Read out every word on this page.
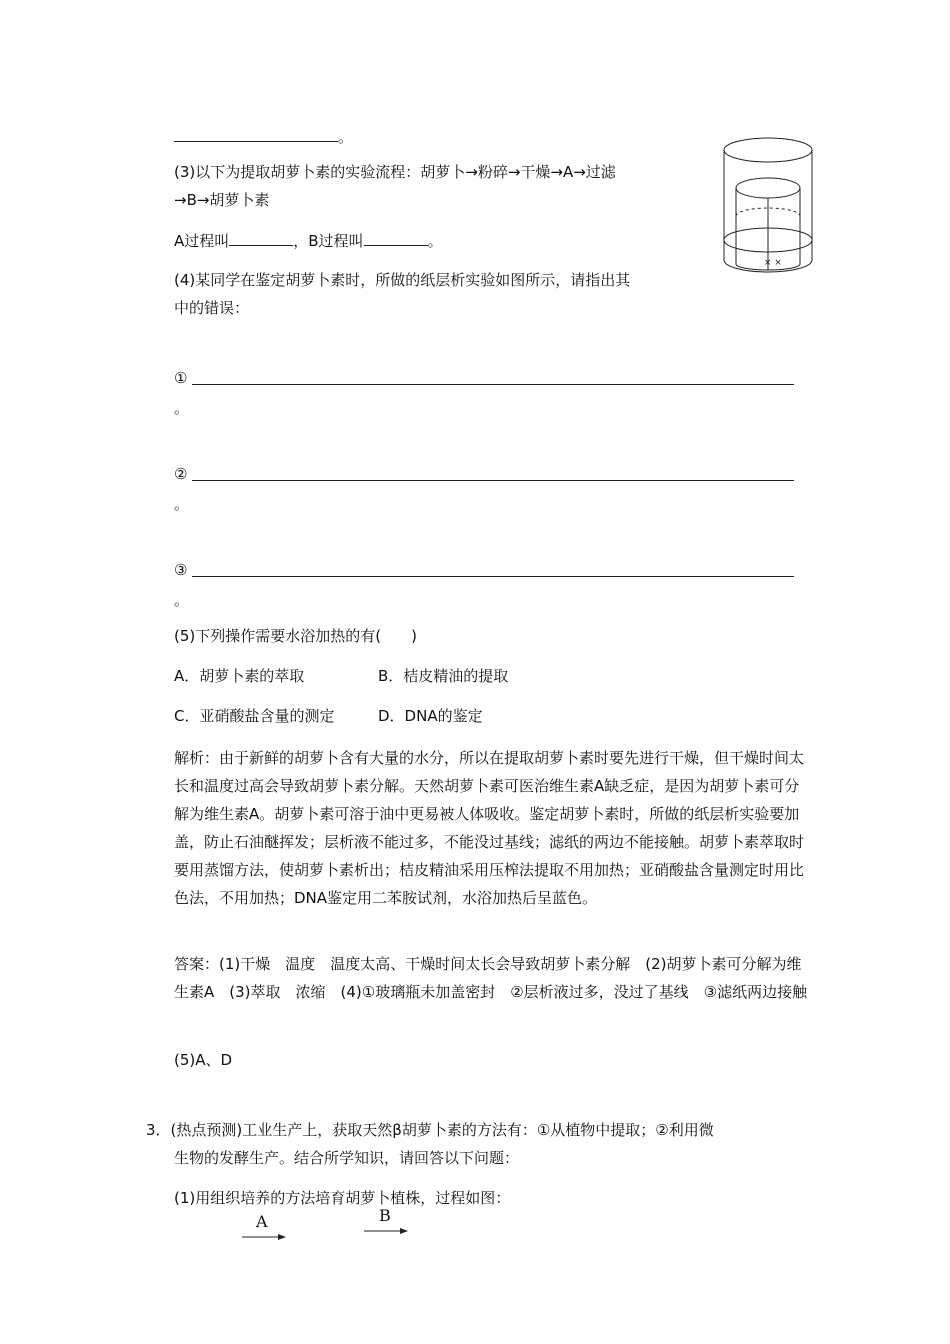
。
(3)以下为提取胡萝卜素的实验流程：胡萝卜→粉碎→干燥→A→过滤
→B→胡萝卜素
A过程叫	，B过程叫	。
(4)某同学在鉴定胡萝卜素时，所做的纸层析实验如图所示，请指出其
中的错误：
× ×
①
。
②
。
③
。
(5)下列操作需要水浴加热的有(　　)
A．胡萝卜素的萃取	B．桔皮精油的提取
C．亚硝酸盐含量的测定	D．DNA的鉴定
解析：由于新鲜的胡萝卜含有大量的水分，所以在提取胡萝卜素时要先进行干燥，但干燥时间太长和温度过高会导致胡萝卜素分解。天然胡萝卜素可医治维生素A缺乏症，是因为胡萝卜素可分解为维生素A。胡萝卜素可溶于油中更易被人体吸收。鉴定胡萝卜素时，所做的纸层析实验要加盖，防止石油醚挥发；层析液不能过多，不能没过基线；滤纸的两边不能接触。胡萝卜素萃取时要用蒸馏方法，使胡萝卜素析出；桔皮精油采用压榨法提取不用加热；亚硝酸盐含量测定时用比色法，不用加热；DNA鉴定用二苯胺试剂，水浴加热后呈蓝色。
答案：(1)干燥　温度　温度太高、干燥时间太长会导致胡萝卜素分解　(2)胡萝卜素可分解为维生素A　(3)萃取　浓缩　(4)①玻璃瓶未加盖密封　②层析液过多，没过了基线　③滤纸两边接触
(5)A、D
3．(热点预测)工业生产上，获取天然β胡萝卜素的方法有：①从植物中提取；②利用微
生物的发酵生产。结合所学知识，请回答以下问题：
(1)用组织培养的方法培育胡萝卜植株，过程如图：
A	B
